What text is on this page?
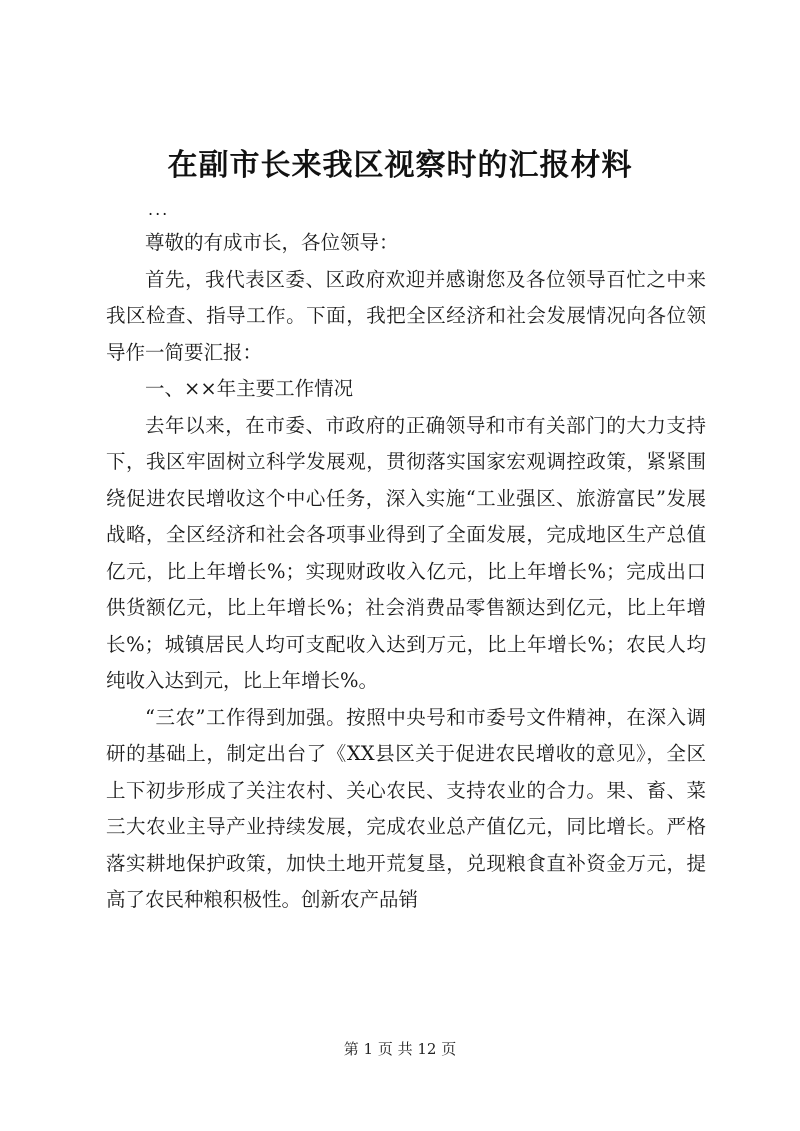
在副市长来我区视察时的汇报材料
...

尊敬的有成市长，各位领导：

首先，我代表区委、区政府欢迎并感谢您及各位领导百忙之中来我区检查、指导工作。下面，我把全区经济和社会发展情况向各位领导作一简要汇报：

一、××年主要工作情况

去年以来，在市委、市政府的正确领导和市有关部门的大力支持下，我区牢固树立科学发展观，贯彻落实国家宏观调控政策，紧紧围绕促进农民增收这个中心任务，深入实施“工业强区、旅游富民”发展战略，全区经济和社会各项事业得到了全面发展，完成地区生产总值亿元，比上年增长%；实现财政收入亿元，比上年增长%；完成出口供货额亿元，比上年增长%；社会消费品零售额达到亿元，比上年增长%；城镇居民人均可支配收入达到万元，比上年增长%；农民人均纯收入达到元，比上年增长%。

“三农”工作得到加强。按照中央号和市委号文件精神，在深入调研的基础上，制定出台了《XX县区关于促进农民增收的意见》，全区上下初步形成了关注农村、关心农民、支持农业的合力。果、畜、菜三大农业主导产业持续发展，完成农业总产值亿元，同比增长。严格落实耕地保护政策，加快土地开荒复垦，兑现粮食直补资金万元，提高了农民种粮积极性。创新农产品销

第 1 页 共 12 页
